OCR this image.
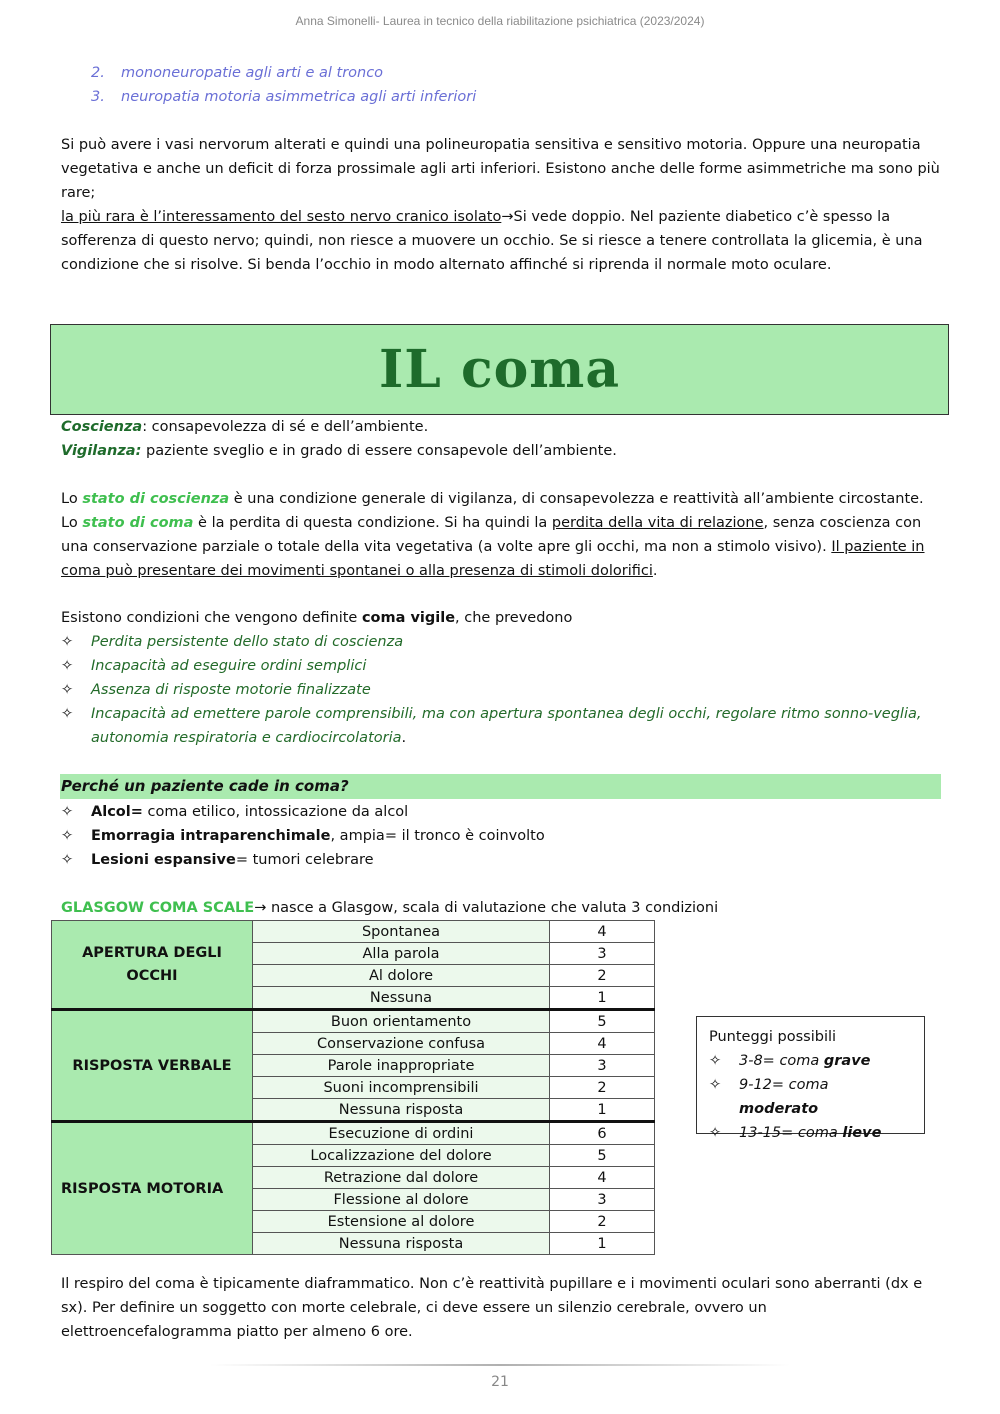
Anna Simonelli- Laurea in tecnico della riabilitazione psichiatrica (2023/2024)
2. mononeuropatie agli arti e al tronco
3. neuropatia motoria asimmetrica agli arti inferiori
Si può avere i vasi nervorum alterati e quindi una polineuropatia sensitiva e sensitivo motoria. Oppure una neuropatia vegetativa e anche un deficit di forza prossimale agli arti inferiori. Esistono anche delle forme asimmetriche ma sono più rare;
la più rara è l’interessamento del sesto nervo cranico isolato→Si vede doppio. Nel paziente diabetico c’è spesso la sofferenza di questo nervo; quindi, non riesce a muovere un occhio. Se si riesce a tenere controllata la glicemia, è una condizione che si risolve. Si benda l’occhio in modo alternato affinché si riprenda il normale moto oculare.
IL coma
Coscienza: consapevolezza di sé e dell’ambiente.
Vigilanza: paziente sveglio e in grado di essere consapevole dell’ambiente.
Lo stato di coscienza è una condizione generale di vigilanza, di consapevolezza e reattività all’ambiente circostante. Lo stato di coma è la perdita di questa condizione. Si ha quindi la perdita della vita di relazione, senza coscienza con una conservazione parziale o totale della vita vegetativa (a volte apre gli occhi, ma non a stimolo visivo). Il paziente in coma può presentare dei movimenti spontanei o alla presenza di stimoli dolorifici.
Esistono condizioni che vengono definite coma vigile, che prevedono
✧	Perdita persistente dello stato di coscienza
✧	Incapacità ad eseguire ordini semplici
✧	Assenza di risposte motorie finalizzate
✧	Incapacità ad emettere parole comprensibili, ma con apertura spontanea degli occhi, regolare ritmo sonno-veglia, autonomia respiratoria e cardiocircolatoria.
Perché un paziente cade in coma?
✧	Alcol= coma etilico, intossicazione da alcol
✧	Emorragia intraparenchimale, ampia= il tronco è coinvolto
✧	Lesioni espansive= tumori celebrare
GLASGOW COMA SCALE→ nasce a Glasgow, scala di valutazione che valuta 3 condizioni
APERTURA DEGLI OCCHI	Spontanea	4
	Alla parola	3
	Al dolore	2
	Nessuna	1
RISPOSTA VERBALE	Buon orientamento	5
	Conservazione confusa	4
	Parole inappropriate	3
	Suoni incomprensibili	2
	Nessuna risposta	1
RISPOSTA MOTORIA	Esecuzione di ordini	6
	Localizzazione del dolore	5
	Retrazione dal dolore	4
	Flessione al dolore	3
	Estensione al dolore	2
	Nessuna risposta	1
Punteggi possibili
✧	3-8= coma grave
✧	9-12= coma moderato
✧	13-15= coma lieve
Il respiro del coma è tipicamente diaframmatico. Non c’è reattività pupillare e i movimenti oculari sono aberranti (dx e sx). Per definire un soggetto con morte celebrale, ci deve essere un silenzio cerebrale, ovvero un elettroencefalogramma piatto per almeno 6 ore.
21
